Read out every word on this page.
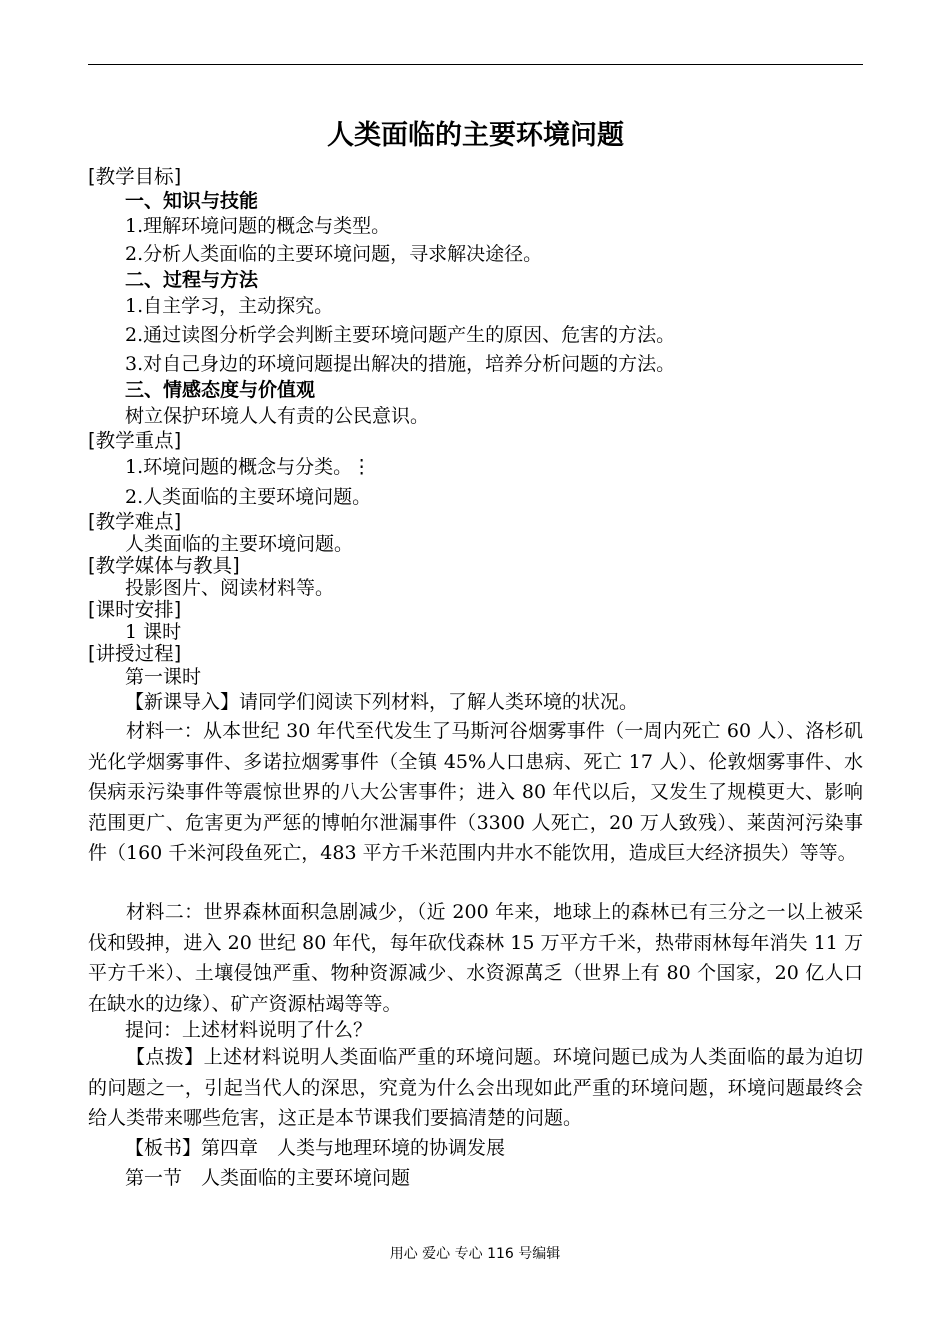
人类面临的主要环境问题
[教学目标]
一、知识与技能
1.理解环境问题的概念与类型。
2.分析人类面临的主要环境问题，寻求解决途径。
二、过程与方法
1.自主学习，主动探究。
2.通过读图分析学会判断主要环境问题产生的原因、危害的方法。
3.对自己身边的环境问题提出解决的措施，培养分析问题的方法。
三、情感态度与价值观
树立保护环境人人有责的公民意识。
[教学重点]
1.环境问题的概念与分类。⋮
2.人类面临的主要环境问题。
[教学难点]
人类面临的主要环境问题。
[教学媒体与教具]
投影图片、阅读材料等。
[课时安排]
1 课时
[讲授过程]
第一课时
【新课导入】请同学们阅读下列材料，了解人类环境的状况。
材料一：从本世纪 30 年代至代发生了马斯河谷烟雾事件（一周内死亡 60 人）、洛杉矶光化学烟雾事件、多诺拉烟雾事件（全镇 45%人口患病、死亡 17 人）、伦敦烟雾事件、水俣病汞污染事件等震惊世界的八大公害事件；进入 80 年代以后，又发生了规模更大、影响范围更广、危害更为严惩的博帕尔泄漏事件（3300 人死亡，20 万人致残）、莱茵河污染事件（160 千米河段鱼死亡，483 平方千米范围内井水不能饮用，造成巨大经济损失）等等。
材料二：世界森林面积急剧减少，（近 200 年来，地球上的森林已有三分之一以上被采伐和毁抻，进入 20 世纪 80 年代，每年砍伐森林 15 万平方千米，热带雨林每年消失 11 万平方千米）、土壤侵蚀严重、物种资源减少、水资源萬乏（世界上有 80 个国家，20 亿人口在缺水的边缘）、矿产资源枯竭等等。
提问：上述材料说明了什么？
【点拨】上述材料说明人类面临严重的环境问题。环境问题已成为人类面临的最为迫切的问题之一，引起当代人的深思，究竟为什么会出现如此严重的环境问题，环境问题最终会给人类带来哪些危害，这正是本节课我们要搞清楚的问题。
【板书】第四章　人类与地理环境的协调发展
第一节　人类面临的主要环境问题
用心 爱心 专心 116 号编辑
